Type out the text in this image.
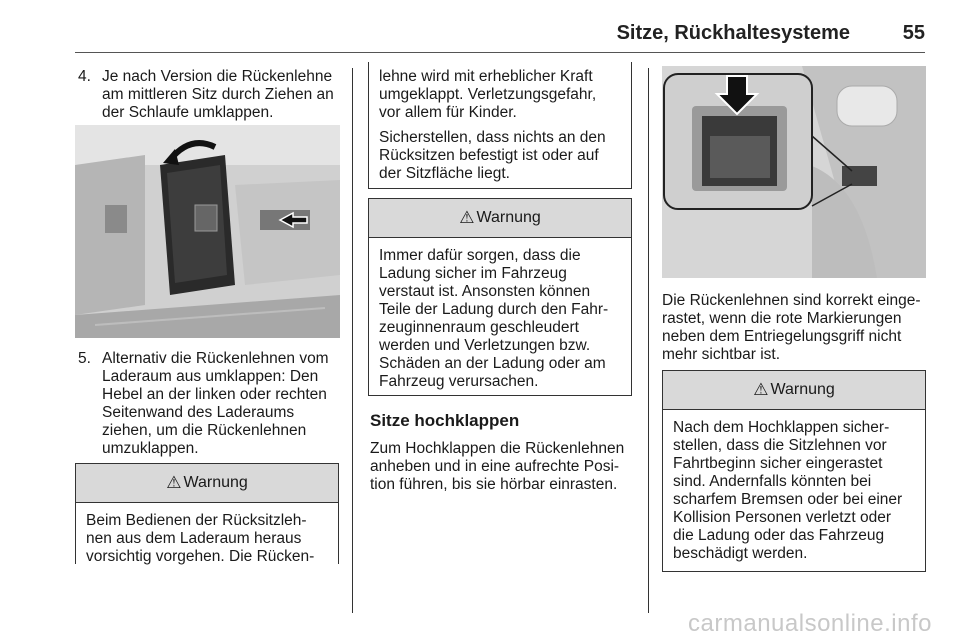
Sitze, Rückhaltesysteme	55
4. Je nach Version die Rückenlehne am mittleren Sitz durch Ziehen an der Schlaufe umklappen.
5. Alternativ die Rückenlehnen vom Laderaum aus umklappen: Den Hebel an der linken oder rechten Seitenwand des Laderaums ziehen, um die Rückenlehnen umzuklappen.
⚠ Warnung
Beim Bedienen der Rücksitzleh-nen aus dem Laderaum heraus vorsichtig vorgehen. Die Rücken-

lehne wird mit erheblicher Kraft umgeklappt. Verletzungsgefahr, vor allem für Kinder.

Sicherstellen, dass nichts an den Rücksitzen befestigt ist oder auf der Sitzfläche liegt.

⚠ Warnung
Immer dafür sorgen, dass die Ladung sicher im Fahrzeug verstaut ist. Ansonsten können Teile der Ladung durch den Fahr-zeuginnenraum geschleudert werden und Verletzungen bzw. Schäden an der Ladung oder am Fahrzeug verursachen.
Sitze hochklappen
Zum Hochklappen die Rückenlehnen anheben und in eine aufrechte Posi-tion führen, bis sie hörbar einrasten.
Die Rückenlehnen sind korrekt einge-rastet, wenn die rote Markierungen neben dem Entriegelungsgriff nicht mehr sichtbar ist.
⚠ Warnung
Nach dem Hochklappen sicher-stellen, dass die Sitzlehnen vor Fahrtbeginn sicher eingerastet sind. Andernfalls könnten bei scharfem Bremsen oder bei einer Kollision Personen verletzt oder die Ladung oder das Fahrzeug beschädigt werden.
carmanualsonline.info
